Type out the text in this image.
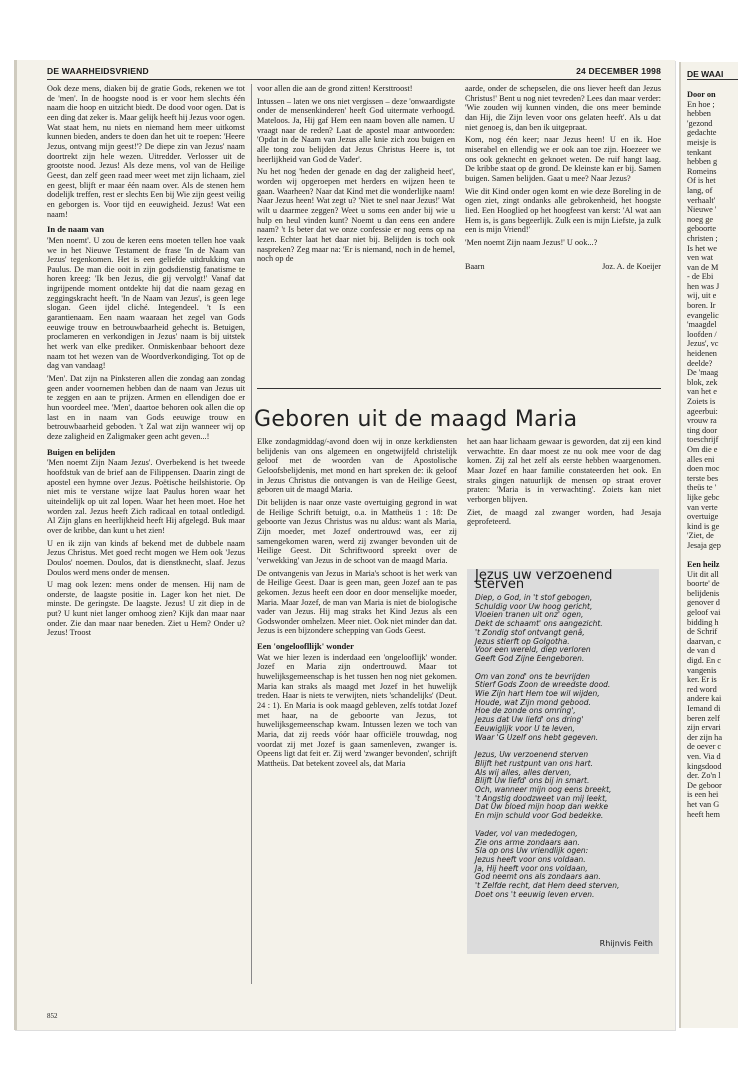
DE WAARHEIDSVRIEND	24 DECEMBER 1998

Ook deze mens, diaken bij de gratie Gods, rekenen we tot de 'men'. In de hoogste nood is er voor hem slechts één naam die hoop en uitzicht biedt. De dood voor ogen. Dat is een ding dat zeker is. Maar gelijk heeft hij Jezus voor ogen. Wat staat hem, nu niets en niemand hem meer uitkomst kunnen bieden, anders te doen dan het uit te roepen: 'Heere Jezus, ontvang mijn geest!'? De diepe zin van Jezus' naam doortrekt zijn hele wezen. Uitredder. Verlosser uit de grootste nood. Jezus! Als deze mens, vol van de Heilige Geest, dan zelf geen raad meer weet met zijn lichaam, ziel en geest, blijft er maar één naam over. Als de stenen hem dodelijk treffen, rest er slechts Een bij Wie zijn geest veilig en geborgen is. Voor tijd en eeuwigheid. Jezus! Wat een naam!

In de naam van

'Men noemt'. U zou de keren eens moeten tellen hoe vaak we in het Nieuwe Testament de frase 'In de Naam van Jezus' tegenkomen. Het is een geliefde uitdrukking van Paulus. De man die ooit in zijn godsdienstig fanatisme te horen kreeg: 'Ik ben Jezus, die gij vervolgt!' Vanaf dat ingrijpende moment ontdekte hij dat die naam gezag en zeggingskracht heeft. 'In de Naam van Jezus', is geen lege slogan. Geen ijdel cliché. Integendeel. 't Is een garantienaam. Een naam waaraan het zegel van Gods eeuwige trouw en betrouwbaarheid gehecht is. Betuigen, proclameren en verkondigen in Jezus' naam is bij uitstek het werk van elke prediker. Onmiskenbaar behoort deze naam tot het wezen van de Woordverkondiging. Tot op de dag van vandaag!

'Men'. Dat zijn na Pinksteren allen die zondag aan zondag geen ander voornemen hebben dan de naam van Jezus uit te zeggen en aan te prijzen. Armen en ellendigen doe er hun voordeel mee. 'Men', daartoe behoren ook allen die op last en in naam van Gods eeuwige trouw en betrouwbaarheid geboden. 't Zal wat zijn wanneer wij op deze zaligheid en Zaligmaker geen acht geven...!

Buigen en belijden

'Men noemt Zijn Naam Jezus'. Overbekend is het tweede hoofdstuk van de brief aan de Filippensen. Daarin zingt de apostel een hymne over Jezus. Poëtische heilshistorie. Op niet mis te verstane wijze laat Paulus horen waar het uiteindelijk op uit zal lopen. Waar het heen moet. Hoe het worden zal. Jezus heeft Zich radicaal en totaal ontledigd. Al Zijn glans en heerlijkheid heeft Hij afgelegd. Buk maar over de kribbe, dan kunt u het zien!

U en ik zijn van kinds af bekend met de dubbele naam Jezus Christus. Met goed recht mogen we Hem ook 'Jezus Doulos' noemen. Doulos, dat is dienstknecht, slaaf. Jezus Doulos werd mens onder de mensen.

U mag ook lezen: mens onder de mensen. Hij nam de onderste, de laagste positie in. Lager kon het niet. De minste. De geringste. De laagste. Jezus! U zit diep in de put? U kunt niet langer omhoog zien? Kijk dan maar naar onder. Zie dan maar naar beneden. Ziet u Hem? Onder u? Jezus! Troost

voor allen die aan de grond zitten! Kersttroost!

Intussen – laten we ons niet vergissen – deze 'onwaardigste onder de mensenkinderen' heeft God uitermate verhoogd. Mateloos. Ja, Hij gaf Hem een naam boven alle namen. U vraagt naar de reden? Laat de apostel maar antwoorden: 'Opdat in de Naam van Jezus alle knie zich zou buigen en alle tong zou belijden dat Jezus Christus Heere is, tot heerlijkheid van God de Vader'.

Nu het nog 'heden der genade en dag der zaligheid heet', worden wij opgeroepen met herders en wijzen heen te gaan. Waarheen? Naar dat Kind met die wonderlijke naam! Naar Jezus heen! Wat zegt u? 'Niet te snel naar Jezus!' Wat wilt u daarmee zeggen? Weet u soms een ander bij wie u hulp en heul vinden kunt? Noemt u dan eens een andere naam? 't Is beter dat we onze confessie er nog eens op na lezen. Echter laat het daar niet bij. Belijden is toch ook naspreken? Zeg maar na: 'Er is niemand, noch in de hemel, noch op de

aarde, onder de schepselen, die ons liever heeft dan Jezus Christus!' Bent u nog niet tevreden? Lees dan maar verder: 'Wie zouden wij kunnen vinden, die ons meer beminde dan Hij, die Zijn leven voor ons gelaten heeft'. Als u dat niet genoeg is, dan ben ik uitgepraat.

Kom, nog één keer; naar Jezus heen! U en ik. Hoe miserabel en ellendig we er ook aan toe zijn. Hoezeer we ons ook geknecht en geknoet weten. De ruif hangt laag. De kribbe staat op de grond. De kleinste kan er bij. Samen buigen. Samen belijden. Gaat u mee? Naar Jezus?

Wie dit Kind onder ogen komt en wie deze Boreling in de ogen ziet, zingt ondanks alle gebrokenheid, het hoogste lied. Een Hooglied op het hoogfeest van kerst: 'Al wat aan Hem is, is gans begeerlijk. Zulk een is mijn Liefste, ja zulk een is mijn Vriend!'

'Men noemt Zijn naam Jezus!' U ook...?

Baarn	Joz. A. de Koeijer
Geboren uit de maagd Maria

Elke zondagmiddag/-avond doen wij in onze kerkdiensten belijdenis van ons algemeen en ongetwijfeld christelijk geloof met de woorden van de Apostolische Geloofsbelijdenis, met mond en hart spreken de: ik geloof in Jezus Christus die ontvangen is van de Heilige Geest, geboren uit de maagd Maria.

Dit belijden is naar onze vaste overtuiging gegrond in wat de Heilige Schrift betuigt, o.a. in Mattheüs 1 : 18: De geboorte van Jezus Christus was nu aldus: want als Maria, Zijn moeder, met Jozef ondertrouwd was, eer zij samengekomen waren, werd zij zwanger bevonden uit de Heilige Geest. Dit Schriftwoord spreekt over de 'verwekking' van Jezus in de schoot van de maagd Maria.

De ontvangenis van Jezus in Maria's schoot is het werk van de Heilige Geest. Daar is geen man, geen Jozef aan te pas gekomen. Jezus heeft een door en door menselijke moeder, Maria. Maar Jozef, de man van Maria is niet de biologische vader van Jezus. Hij mag straks het Kind Jezus als een Godswonder omhelzen. Meer niet. Ook niet minder dan dat. Jezus is een bijzondere schepping van Gods Geest.

Een 'ongeloofllijk' wonder

Wat we hier lezen is inderdaad een 'ongelooflijk' wonder. Jozef en Maria zijn ondertrouwd. Maar tot huwelijksgemeenschap is het tussen hen nog niet gekomen. Maria kan straks als maagd met Jozef in het huwelijk treden. Haar is niets te verwijten, niets 'schandelijks' (Deut. 24 : 1). En Maria is ook maagd gebleven, zelfs totdat Jozef met haar, na de geboorte van Jezus, tot huwelijksgemeenschap kwam. Intussen lezen we toch van Maria, dat zij reeds vóór haar officiële trouwdag, nog voordat zij met Jozef is gaan samenleven, zwanger is. Opeens ligt dat feit er. Zij werd 'zwanger bevonden', schrijft Mattheüs. Dat betekent zoveel als, dat Maria

het aan haar lichaam gewaar is geworden, dat zij een kind verwachtte. En daar moest ze nu ook mee voor de dag komen. Zij zal het zelf als eerste hebben waargenomen. Maar Jozef en haar familie constateerden het ook. En straks gingen natuurlijk de mensen op straat erover praten: 'Maria is in verwachting'. Zoiets kan niet verborgen blijven.

Ziet, de maagd zal zwanger worden, had Jesaja geprofeteerd.

Jezus uw verzoenend sterven
Diep, o God, in 't stof gebogen,
Schuldig voor Uw hoog gericht,
Vloeien tranen uit onz' ogen,
Dekt de schaamt' ons aangezicht.
't Zondig stof ontvangt genâ,
Jezus stierft op Golgotha.
Voor een wereld, diep verloren
Geeft God Zijne Eengeboren.
Om van zond' ons te bevrijden
Stierf Gods Zoon de wreedste dood.
Wie Zijn hart Hem toe wil wijden,
Houde, wat Zijn mond gebood.
Hoe de zonde ons omring',
Jezus dat Uw liefd' ons dring'
Eeuwiglijk voor U te leven,
Waar 'G Uzelf ons hebt gegeven.
Jezus, Uw verzoenend sterven
Blijft het rustpunt van ons hart.
Als wij alles, alles derven,
Blijft Uw liefd' ons bij in smart.
Och, wanneer mijn oog eens breekt,
't Angstig doodzweet van mij leekt,
Dat Uw bloed mijn hoop dan wekke
En mijn schuld voor God bedekke.
Vader, vol van mededogen,
Zie ons arme zondaars aan.
Sla op ons Uw vriendlijk ogen:
Jezus heeft voor ons voldaan.
Ja, Hij heeft voor ons voldaan,
God neemt ons als zondaars aan.
't Zelfde recht, dat Hem deed sterven,
Doet ons 't eeuwig leven erven.
Rhijnvis Feith
852
DE WAAI
Door on
En hoe ;
hebben
'gezond
gedachte
meisje is
tenkant
hebben g
Romeins
Of is het
lang, of
verhaalt'
Nieuwe '
noeg ge
geboorte
christen ;
Is het we
ven wat
van de M
- de Ebi
hen was J
wij, uit e
boren. Ir
evangelic
'maagdel
loofden /
Jezus', vc
heidenen
deelde?
De 'maag
blok, zek
van het e
Zoiets is
ageerbui:
vrouw ra
ting door
toeschrijf
Om die e
alles eni
doen moc
terste bes
theüs te '
lijke gebc
van verte
overtuige
kind is ge
'Ziet, de
Jesaja gep
Een heilz
Uit dit all
boorte' de
belijdenis
genover d
geloof vai
bidding h
de Schrif
daarvan, c
de van d
digd. En c
vangenis
ker. Er is
red word
andere kai
Iemand di
beren zelf
zijn ervari
der zijn ha
de oever c
ven. Via d
kingsdood
der. Zo'n l
De geboor
is een hei
het van G
heeft hem
